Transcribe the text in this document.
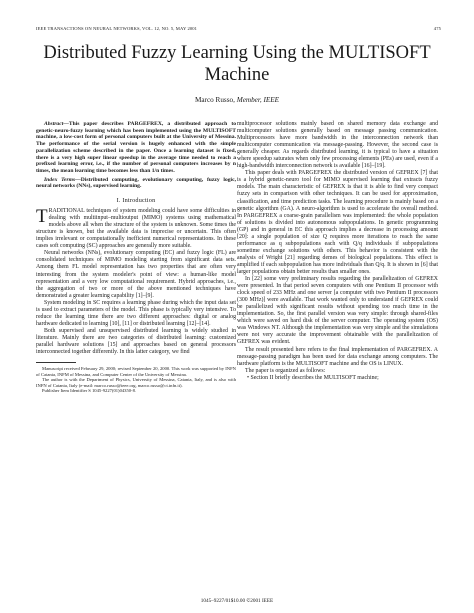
IEEE TRANSACTIONS ON NEURAL NETWORKS, VOL. 12, NO. 5, MAY 2001	475
Distributed Fuzzy Learning Using the MULTISOFT Machine
Marco Russo, Member, IEEE

Abstract—This paper describes PARGEFREX, a distributed approach to genetic-neuro-fuzzy learning which has been implemented using the MULTISOFT machine, a low-cost form of personal computers built at the University of Messina. The performance of the serial version is hugely enhanced with the simple parallelization scheme described in the paper. Once a learning dataset is fixed, there is a very high super linear speedup in the average time needed to reach a prefixed learning error, i.e., if the number of personal computers increases by n times, the mean learning time becomes less than 1/n times.

Index Terms—Distributed computing, evolutionary computing, fuzzy logic, neural networks (NNs), supervised learning.

I. Introduction

TRADITIONAL techniques of system modeling could have some difficulties in dealing with multiinput–multioutput (MIMO) systems using mathematical models above all when the structure of the system is unknown. Some times the structure is known, but the available data is imprecise or uncertain. This often implies irrelevant or computationally inefficient numerical representations. In these cases soft computing (SC) approaches are generally more suitable.

Neural networks (NNs), evolutionary computing (EC) and fuzzy logic (FL) are consolidated techniques of MIMO modeling starting from significant data sets. Among them FL model representation has two properties that are often very interesting from the system modeler's point of view: a human-like model representation and a very low computational requirement. Hybrid approaches, i.e., the aggregation of two or more of the above mentioned techniques have demonstrated a greater learning capability [1]–[9].

System modeling in SC requires a learning phase during which the input data set is used to extract parameters of the model. This phase is typically very intensive. To reduce the learning time there are two different approaches: digital or analog hardware dedicated to learning [10], [11] or distributed learning [12]–[14].

Both supervised and unsupervised distributed learning is widely studied in literature. Mainly there are two categories of distributed learning: customized parallel hardware solutions [15] and approaches based on general processors interconnected together differently. In this latter category, we find

Manuscript received February 29, 2000; revised September 20, 2000. This work was supported by INFN of Catania, INFM of Messina, and Computer Center of the University of Messina.

The author is with the Department of Physics, University of Messina, Catania, Italy, and is also with INFN of Catania, Italy (e-mail: marco.russo@ieee.org, marco.russo@ct.infn.it).

Publisher Item Identifier S 1045-9227(01)04350-8.

multiprocessor solutions mainly based on shared memory data exchange and multicomputer solutions generally based on message passing communication. Multiprocessors have more bandwidth in the interconnection network than multicomputer communication via message-passing. However, the second case is generally cheaper. As regards distributed learning, it is typical to have a situation where speedup saturates when only few processing elements (PEs) are used, even if a high-bandwidth interconnection network is available [16]–[19].

This paper deals with PARGEFREX the distributed version of GEFREX [7] that is a hybrid genetic-neuro tool for MIMO supervised learning that extracts fuzzy models. The main characteristic of GEFREX is that it is able to find very compact fuzzy sets in comparison with other techniques. It can be used for approximation, classification, and time prediction tasks. The learning procedure is mainly based on a genetic algorithm (GA). A neuro-algorithm is used to accelerate the overall method. In PARGEFREX a coarse-grain parallelism was implemented: the whole population of solutions is divided into autonomous subpopulations. In genetic programming (GP) and in general in EC this approach implies a decrease in processing amount [20]: a single population of size Q requires more iterations to reach the same performance as q subpopulations each with Q/q individuals if subpopulations sometime exchange solutions with others. This behavior is consistent with the analysis of Wright [21] regarding demes of biological populations. This effect is amplified if each subpopulation has more individuals than Q/q. It is shown in [6] that larger populations obtain better results than smaller ones.

In [22] some very preliminary results regarding the parallelization of GEFREX were presented. In that period seven computers with one Pentium II processor with clock speed of 233 MHz and one server [a computer with two Pentium II processors (300 MHz)] were available. That work wanted only to understand if GEFREX could be parallelized with significant results without spending too much time in the implementation. So, the first parallel version was very simple: through shared-files which were saved on hard disk of the server computer. The operating system (OS) was Windows NT. Although the implementation was very simple and the simulations were not very accurate the improvement obtainable with the parallelization of GEFREX was evident.

The result presented here refers to the final implementation of PARGEFREX. A message-passing paradigm has been used for data exchange among computers. The hardware platform is the MULTISOFT machine and the OS is LINUX.

The paper is organized as follows:

• Section II briefly describes the MULTISOFT machine;

1045–9227/01$10.00 ©2001 IEEE
